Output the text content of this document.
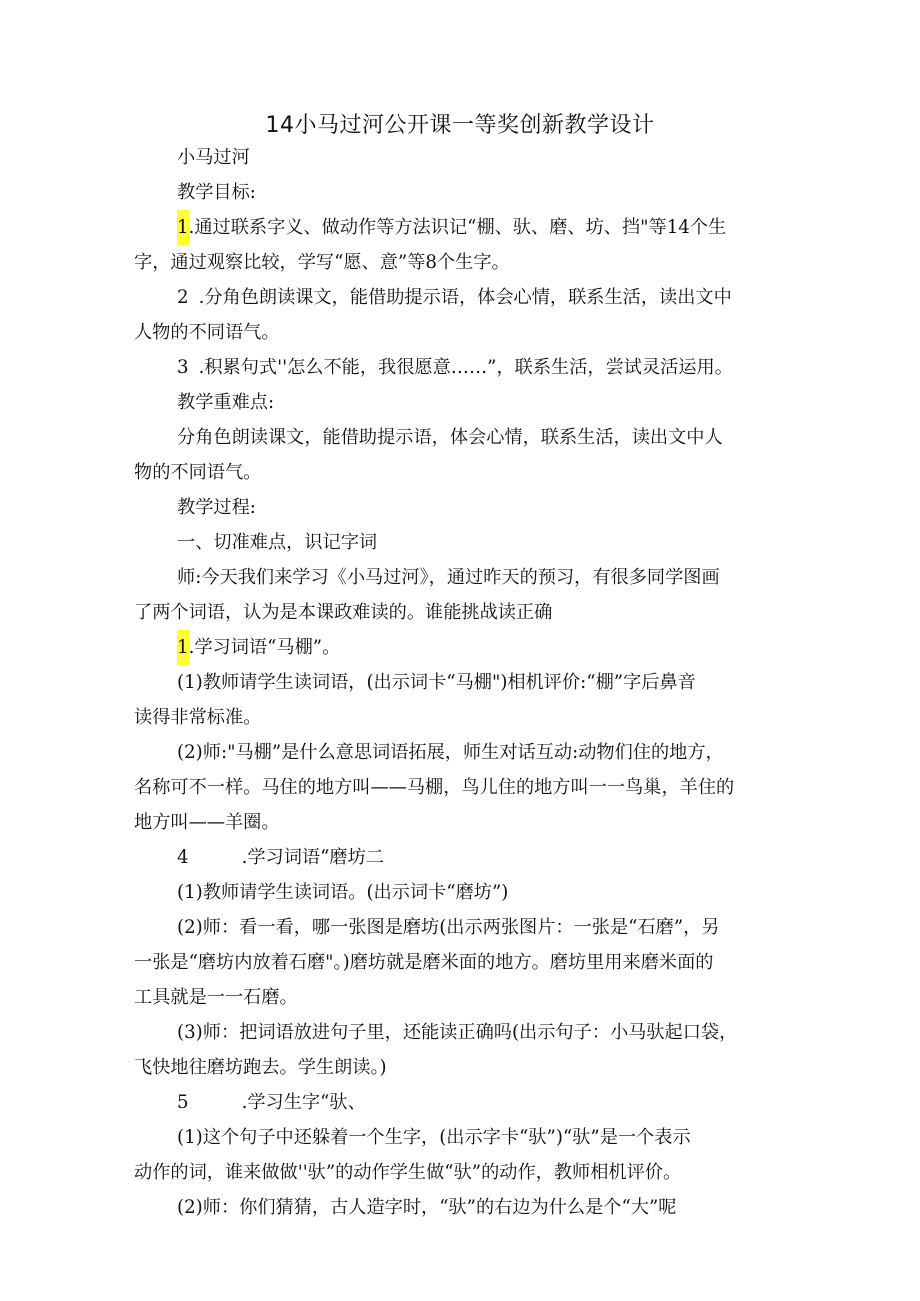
14小马过河公开课一等奖创新教学设计
小马过河
教学目标:
1.通过联系字义、做动作等方法识记“棚、驮、磨、坊、挡"等14个生
字，通过观察比较，学写“愿、意”等8个生字。
2 .分角色朗读课文，能借助提示语，体会心情，联系生活，读出文中
人物的不同语气。
3 .积累句式''怎么不能，我很愿意……”，联系生活，尝试灵活运用。
教学重难点:
分角色朗读课文，能借助提示语，体会心情，联系生活，读出文中人
物的不同语气。
教学过程:
一、切准难点，识记字词
师:今天我们来学习《小马过河》，通过昨天的预习，有很多同学图画
了两个词语，认为是本课政难读的。谁能挑战读正确
1.学习词语“马棚”。
(1)教师请学生读词语，(出示词卡“马棚")相机评价:“棚”字后鼻音
读得非常标准。
(2)师:"马棚”是什么意思词语拓展，师生对话互动:动物们住的地方，
名称可不一样。马住的地方叫——马棚，鸟儿住的地方叫一一鸟巢，羊住的
地方叫——羊圈。
4	.学习词语“磨坊二
(1)教师请学生读词语。(出示词卡“磨坊”)
(2)师：看一看，哪一张图是磨坊(出示两张图片：一张是“石磨”，另
一张是“磨坊内放着石磨"。)磨坊就是磨米面的地方。磨坊里用来磨米面的
工具就是一一石磨。
(3)师：把词语放进句子里，还能读正确吗(出示句子：小马驮起口袋，
飞快地往磨坊跑去。学生朗读。)
5	.学习生字“驮、
(1)这个句子中还躲着一个生字，(出示字卡“驮”)“驮”是一个表示
动作的词，谁来做做''驮”的动作学生做“驮”的动作，教师相机评价。
(2)师：你们猜猜，古人造字时，“驮”的右边为什么是个“大”呢
